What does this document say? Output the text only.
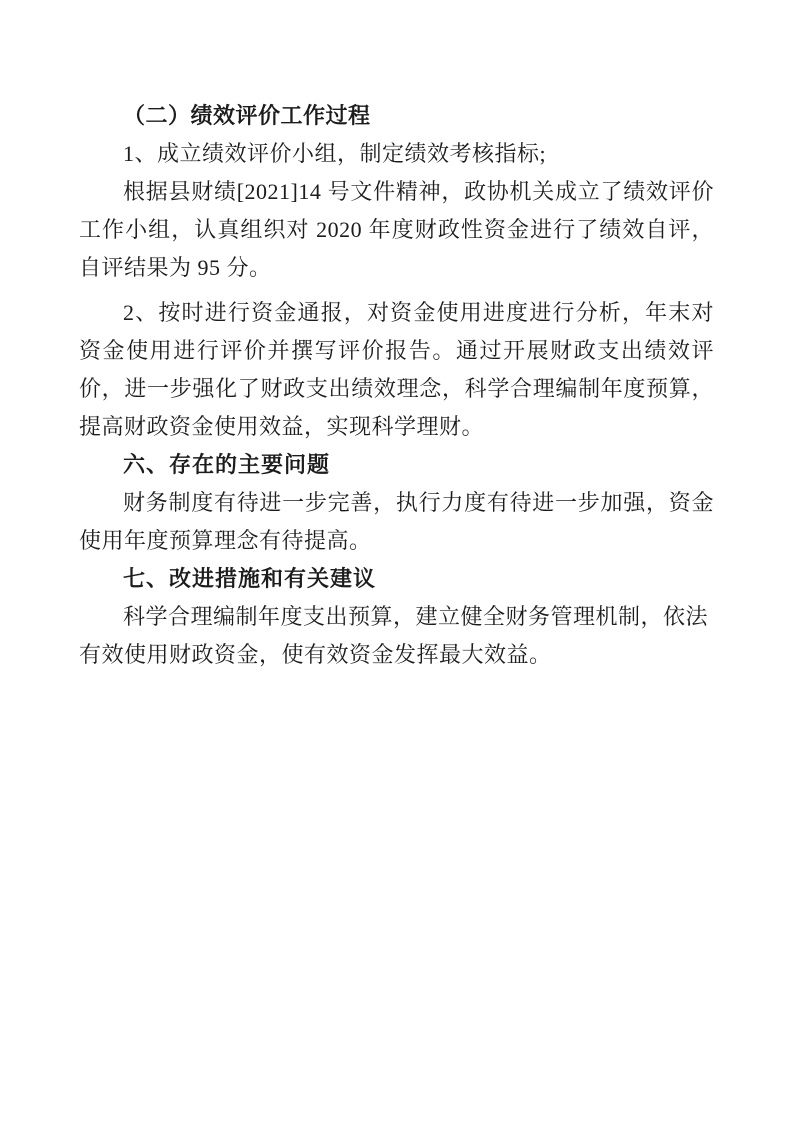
（二）绩效评价工作过程

1、成立绩效评价小组，制定绩效考核指标;

根据县财绩[2021]14 号文件精神，政协机关成立了绩效评价工作小组，认真组织对 2020 年度财政性资金进行了绩效自评，自评结果为 95 分。

2、按时进行资金通报，对资金使用进度进行分析，年末对资金使用进行评价并撰写评价报告。通过开展财政支出绩效评价，进一步强化了财政支出绩效理念，科学合理编制年度预算，提高财政资金使用效益，实现科学理财。

六、存在的主要问题

财务制度有待进一步完善，执行力度有待进一步加强，资金使用年度预算理念有待提高。

七、改进措施和有关建议

科学合理编制年度支出预算，建立健全财务管理机制，依法有效使用财政资金，使有效资金发挥最大效益。
